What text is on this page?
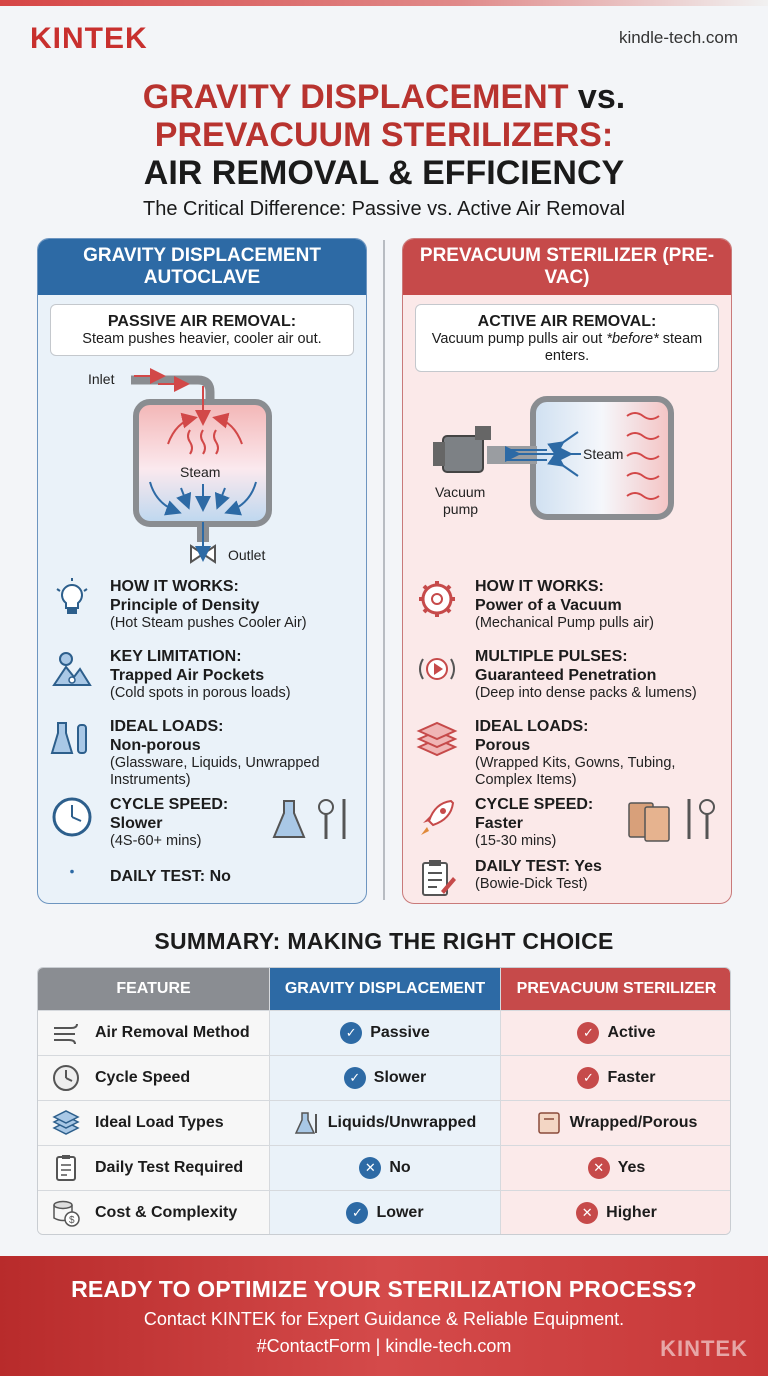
KINTEK	kindle-tech.com
GRAVITY DISPLACEMENT vs.
PREVACUUM STERILIZERS:
AIR REMOVAL & EFFICIENCY
The Critical Difference: Passive vs. Active Air Removal
GRAVITY DISPLACEMENT AUTOCLAVE
PASSIVE AIR REMOVAL:
Steam pushes heavier, cooler air out.
Inlet
Steam
Outlet
HOW IT WORKS:
Principle of Density
(Hot Steam pushes Cooler Air)
KEY LIMITATION:
Trapped Air Pockets
(Cold spots in porous loads)
IDEAL LOADS:
Non-porous
(Glassware, Liquids, Unwrapped Instruments)
CYCLE SPEED:
Slower
(4S-60+ mins)
DAILY TEST: No
PREVACUUM STERILIZER (PRE-VAC)
ACTIVE AIR REMOVAL:
Vacuum pump pulls air out *before* steam enters.
Steam
Vacuum pump
HOW IT WORKS:
Power of a Vacuum
(Mechanical Pump pulls air)
MULTIPLE PULSES:
Guaranteed Penetration
(Deep into dense packs & lumens)
IDEAL LOADS:
Porous
(Wrapped Kits, Gowns, Tubing, Complex Items)
CYCLE SPEED:
Faster
(15-30 mins)
DAILY TEST: Yes
(Bowie-Dick Test)
SUMMARY: MAKING THE RIGHT CHOICE
FEATURE	GRAVITY DISPLACEMENT	PREVACUUM STERILIZER
Air Removal Method	✓ Passive	✓ Active
Cycle Speed	✓ Slower	✓ Faster
Ideal Load Types	Liquids/Unwrapped	Wrapped/Porous
Daily Test Required	✕ No	✕ Yes
$ Cost & Complexity	✓ Lower	✕ Higher
READY TO OPTIMIZE YOUR STERILIZATION PROCESS?
Contact KINTEK for Expert Guidance & Reliable Equipment.
#ContactForm | kindle-tech.com	KINTEK
